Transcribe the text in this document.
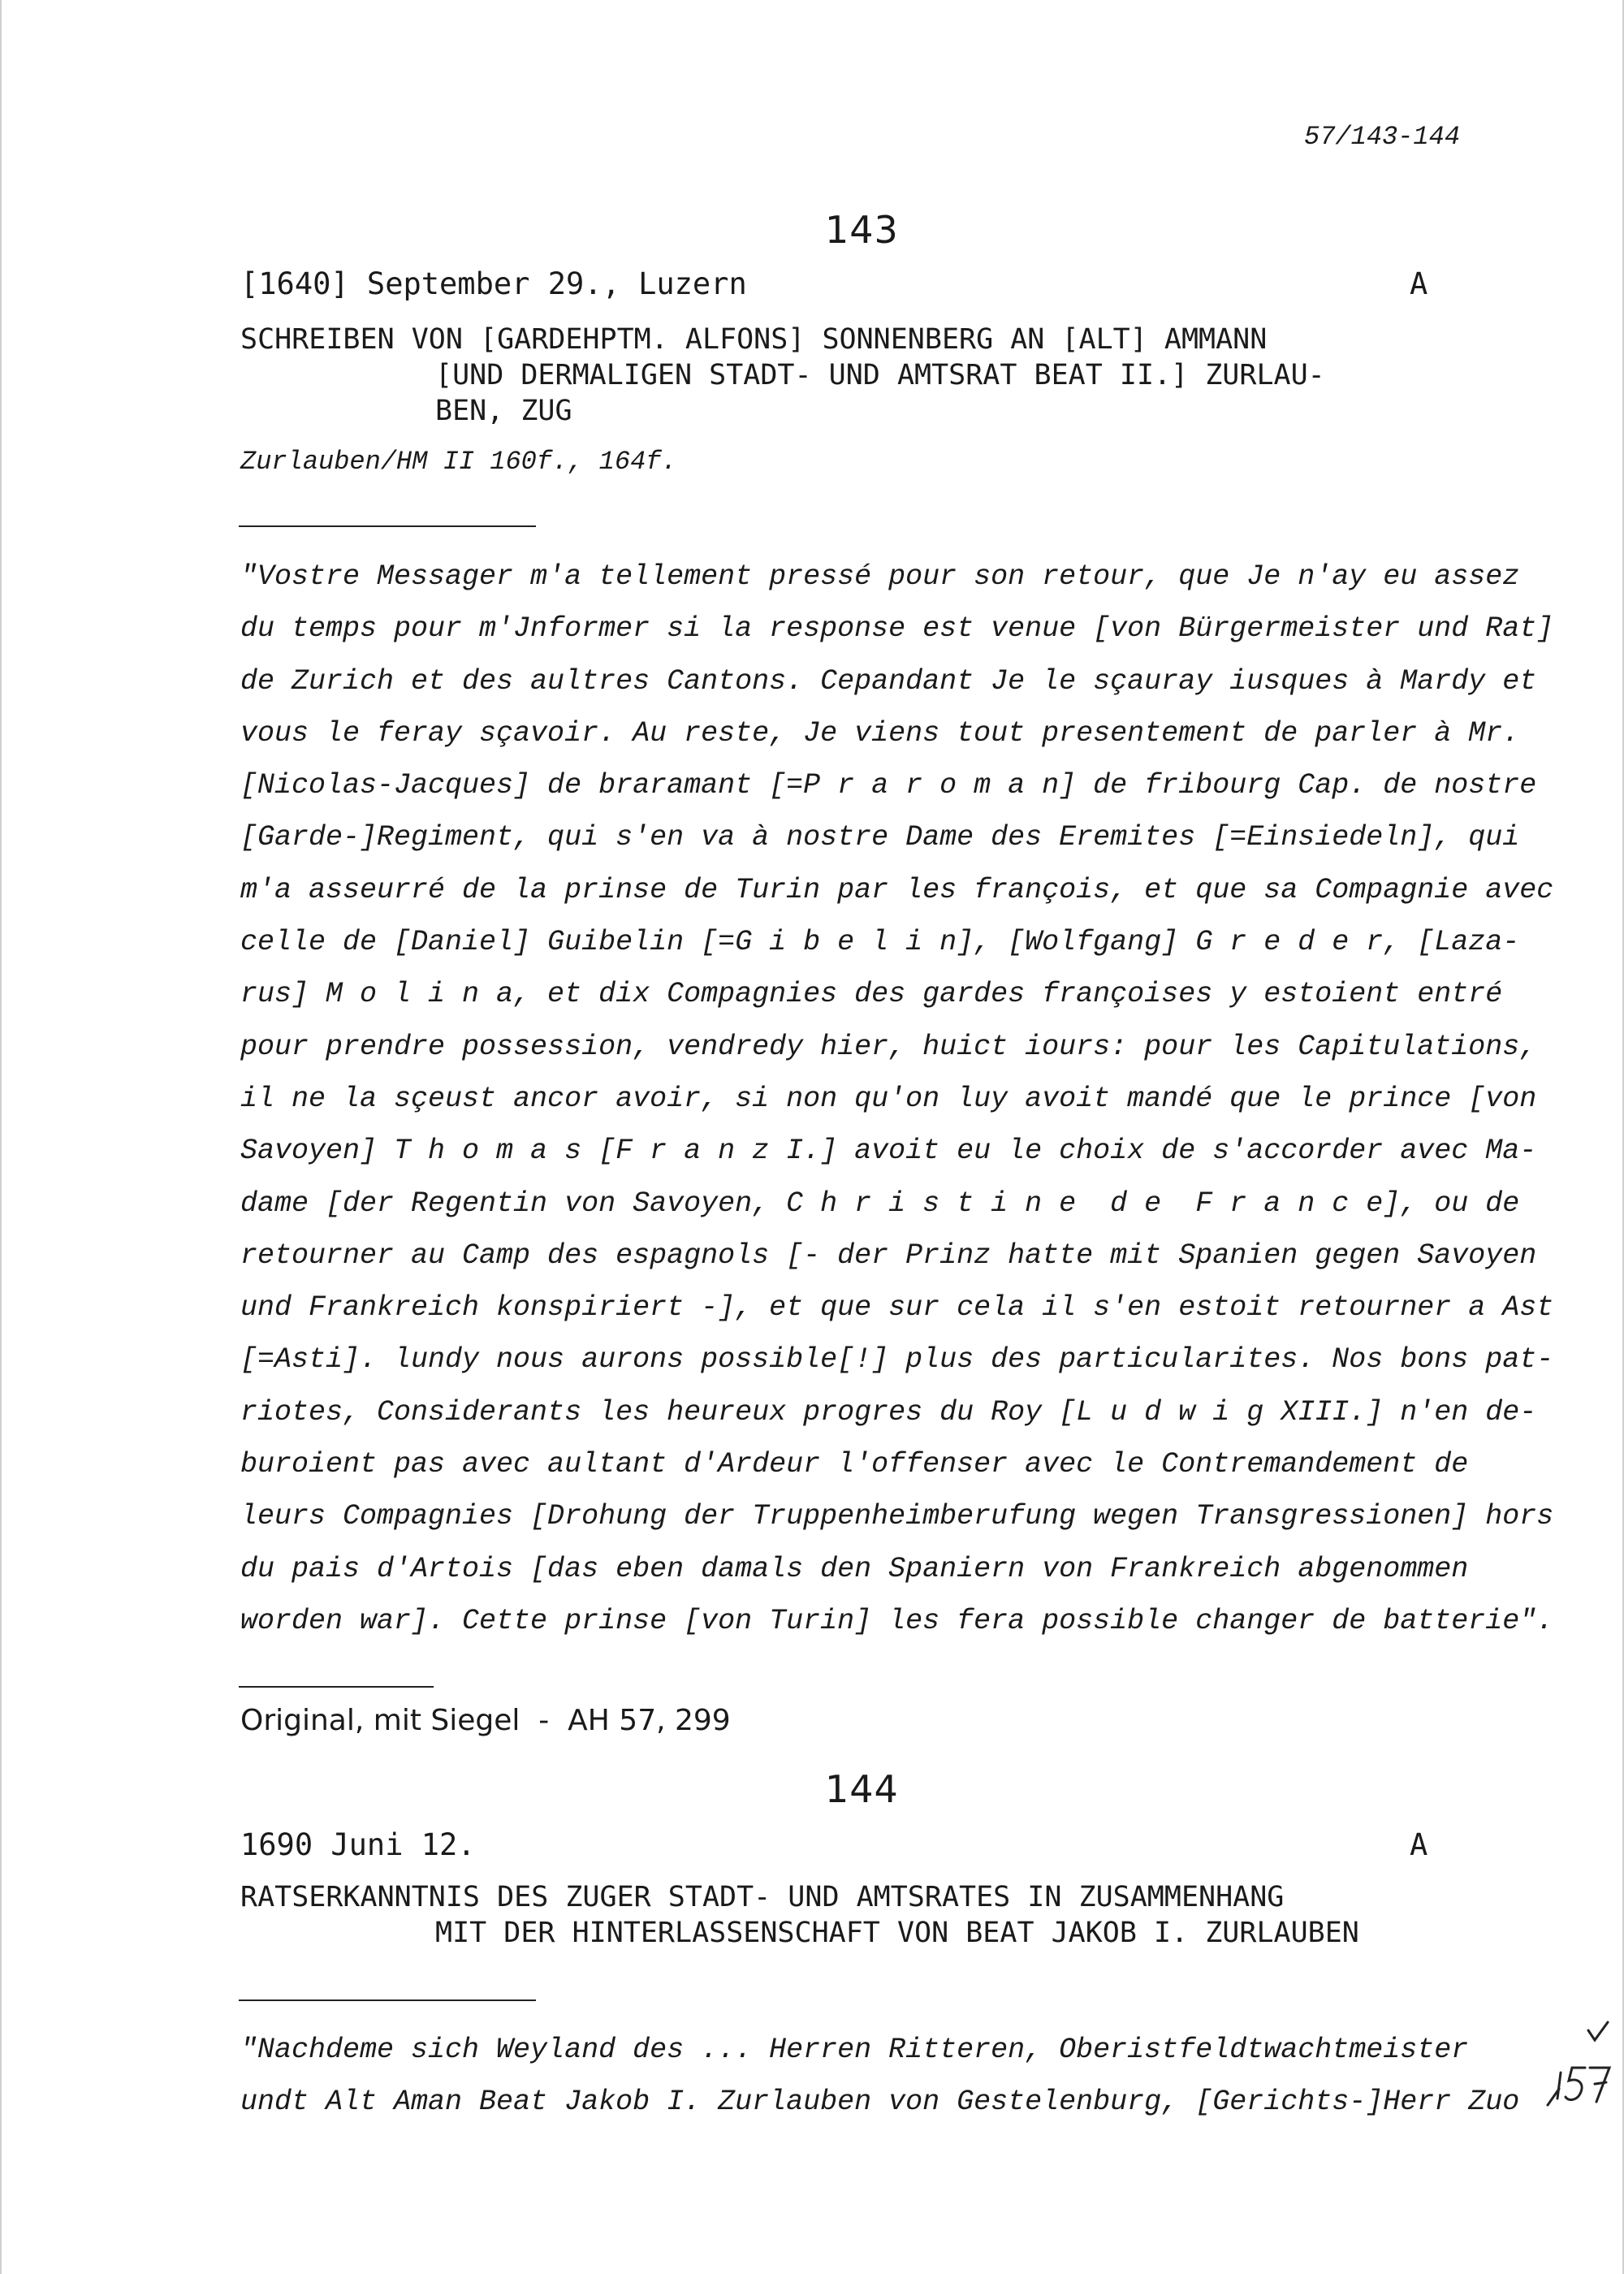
57/143-144
143
[1640] September 29., Luzern	A
SCHREIBEN VON [GARDEHPTM. ALFONS] SONNENBERG AN [ALT] AMMANN
[UND DERMALIGEN STADT- UND AMTSRAT BEAT II.] ZURLAU-
BEN, ZUG
Zurlauben/HM II 160f., 164f.
"Vostre Messager m'a tellement pressé pour son retour, que Je n'ay eu assez
du temps pour m'Jnformer si la response est venue [von Bürgermeister und Rat]
de Zurich et des aultres Cantons. Cepandant Je le sçauray iusques à Mardy et
vous le feray sçavoir. Au reste, Je viens tout presentement de parler à Mr.
[Nicolas-Jacques] de braramant [=P r a r o m a n] de fribourg Cap. de nostre
[Garde-]Regiment, qui s'en va à nostre Dame des Eremites [=Einsiedeln], qui
m'a asseurré de la prinse de Turin par les françois, et que sa Compagnie avec
celle de [Daniel] Guibelin [=G i b e l i n], [Wolfgang] G r e d e r, [Laza-
rus] M o l i n a, et dix Compagnies des gardes françoises y estoient entré
pour prendre possession, vendredy hier, huict iours: pour les Capitulations,
il ne la sçeust ancor avoir, si non qu'on luy avoit mandé que le prince [von
Savoyen] T h o m a s [F r a n z I.] avoit eu le choix de s'accorder avec Ma-
dame [der Regentin von Savoyen, C h r i s t i n e  d e  F r a n c e], ou de
retourner au Camp des espagnols [- der Prinz hatte mit Spanien gegen Savoyen
und Frankreich konspiriert -], et que sur cela il s'en estoit retourner a Ast
[=Asti]. lundy nous aurons possible[!] plus des particularites. Nos bons pat-
riotes, Considerants les heureux progres du Roy [L u d w i g XIII.] n'en de-
buroient pas avec aultant d'Ardeur l'offenser avec le Contremandement de
leurs Compagnies [Drohung der Truppenheimberufung wegen Transgressionen] hors
du pais d'Artois [das eben damals den Spaniern von Frankreich abgenommen
worden war]. Cette prinse [von Turin] les fera possible changer de batterie".
Original, mit Siegel  -  AH 57, 299
144
1690 Juni 12.	A
RATSERKANNTNIS DES ZUGER STADT- UND AMTSRATES IN ZUSAMMENHANG
MIT DER HINTERLASSENSCHAFT VON BEAT JAKOB I. ZURLAUBEN
"Nachdeme sich Weyland des ... Herren Ritteren, Oberistfeldtwachtmeister
undt Alt Aman Beat Jakob I. Zurlauben von Gestelenburg, [Gerichts-]Herr Zuo
